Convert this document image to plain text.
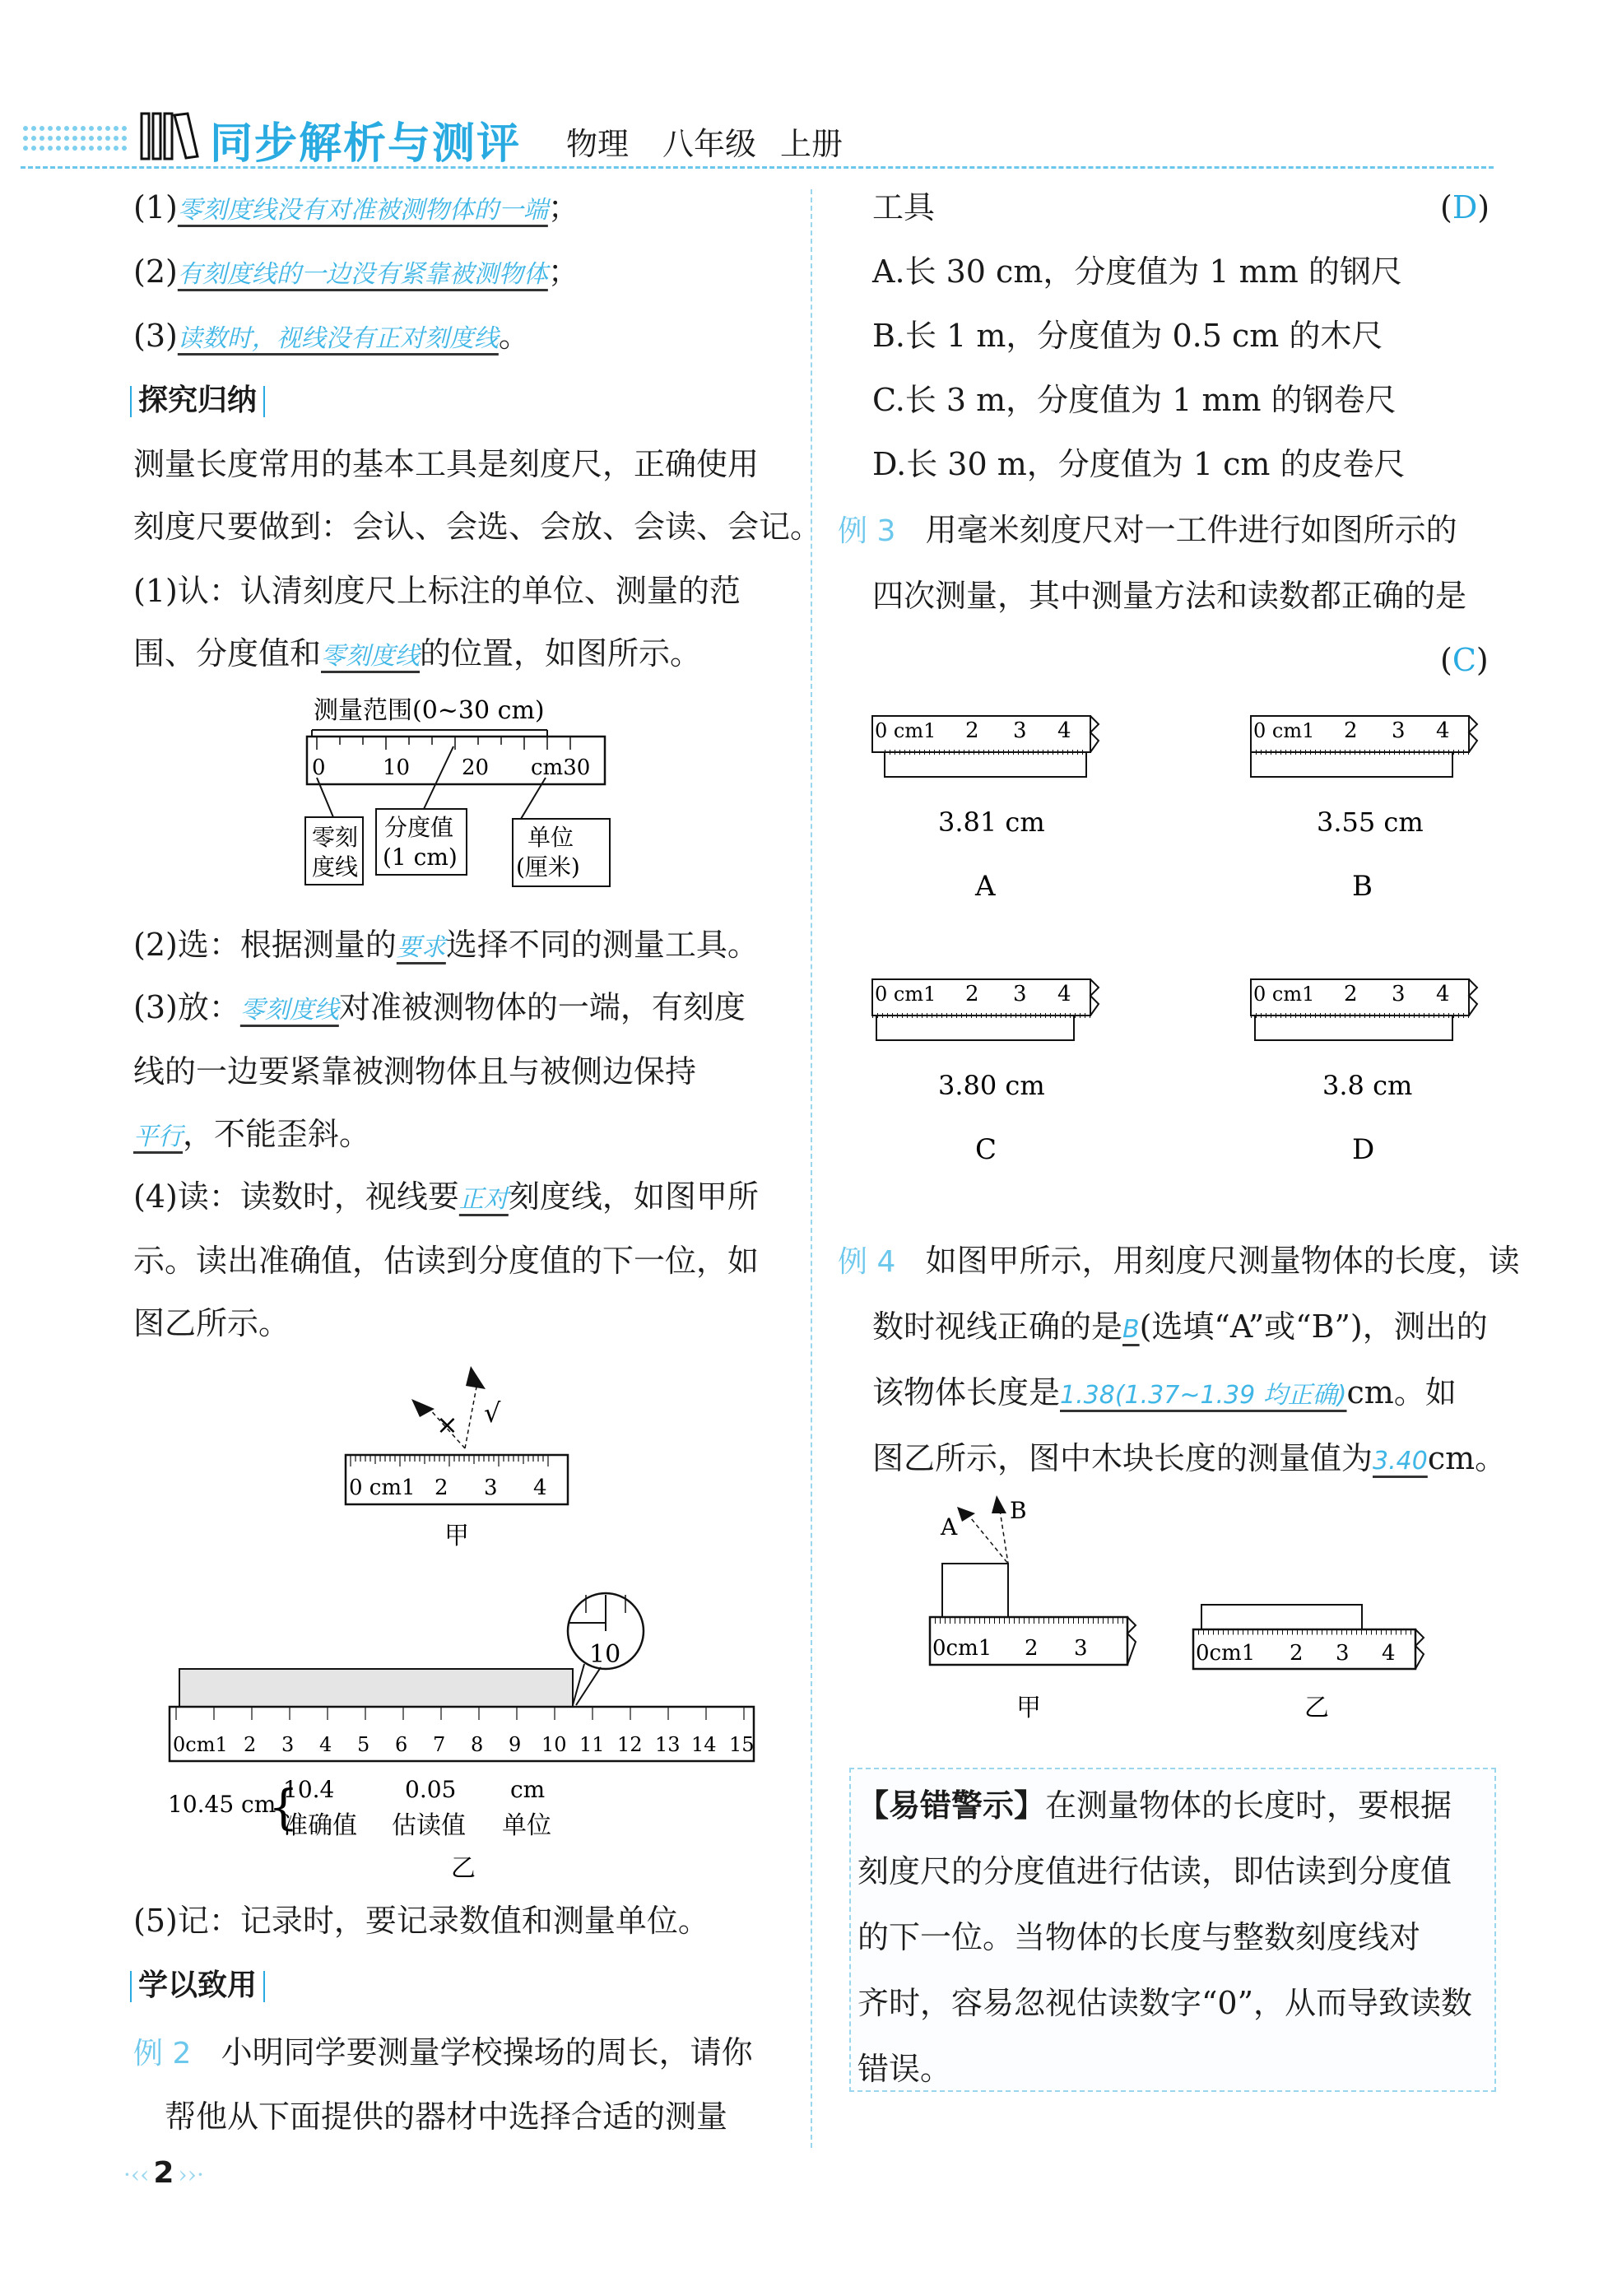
同步解析与测评 物理 八年级 上册
(1)零刻度线没有对准被测物体的一端；
(2)有刻度线的一边没有紧靠被测物体；
(3)读数时，视线没有正对刻度线。
探究归纳
测量长度常用的基本工具是刻度尺，正确使用
刻度尺要做到：会认、会选、会放、会读、会记。
(1)认：认清刻度尺上标注的单位、测量的范
围、分度值和零刻度线的位置，如图所示。
测量范围(0~30 cm)
0	10 20 cm30
零刻
度线
分度值
(1 cm)
单位
(厘米)
(2)选：根据测量的要求选择不同的测量工具。
(3)放：零刻度线对准被测物体的一端，有刻度
线的一边要紧靠被测物体且与被侧边保持
平行，不能歪斜。
(4)读：读数时，视线要正对刻度线，如图甲所
示。读出准确值，估读到分度值的下一位，如
图乙所示。
× √
0 cm1 2 3 4
甲
10
0cm1 2 3 4 5 6 7 8 9 10 11 12 13 14 15
10.45 cm
{
10.4	0.05 cm
准确值 估读值 单位
乙
(5)记：记录时，要记录数值和测量单位。
学以致用
例 2 小明同学要测量学校操场的周长，请你
帮他从下面提供的器材中选择合适的测量
·‹‹ 2 ››·
工具	(D)
A.长 30 cm，分度值为 1 mm 的钢尺
B.长 1 m，分度值为 0.5 cm 的木尺
C.长 3 m，分度值为 1 mm 的钢卷尺
D.长 30 m，分度值为 1 cm 的皮卷尺
例 3 用毫米刻度尺对一工件进行如图所示的
四次测量，其中测量方法和读数都正确的是
(C)
0 cm1 2 3 4
3.81 cm
A
0 cm1 2 3 4
3.55 cm
B
0 cm1 2 3 4
3.80 cm
C
0 cm1 2 3 4
3.8 cm
D
例 4 如图甲所示，用刻度尺测量物体的长度，读
数时视线正确的是B(选填“A”或“B”)，测出的
该物体长度是1.38(1.37~1.39 均正确)cm。如
图乙所示，图中木块长度的测量值为3.40cm。
A
B
0cm1 2 3
甲
0cm1 2 3 4
乙
【易错警示】在测量物体的长度时，要根据
刻度尺的分度值进行估读，即估读到分度值
的下一位。当物体的长度与整数刻度线对
齐时，容易忽视估读数字“0”，从而导致读数
错误。
